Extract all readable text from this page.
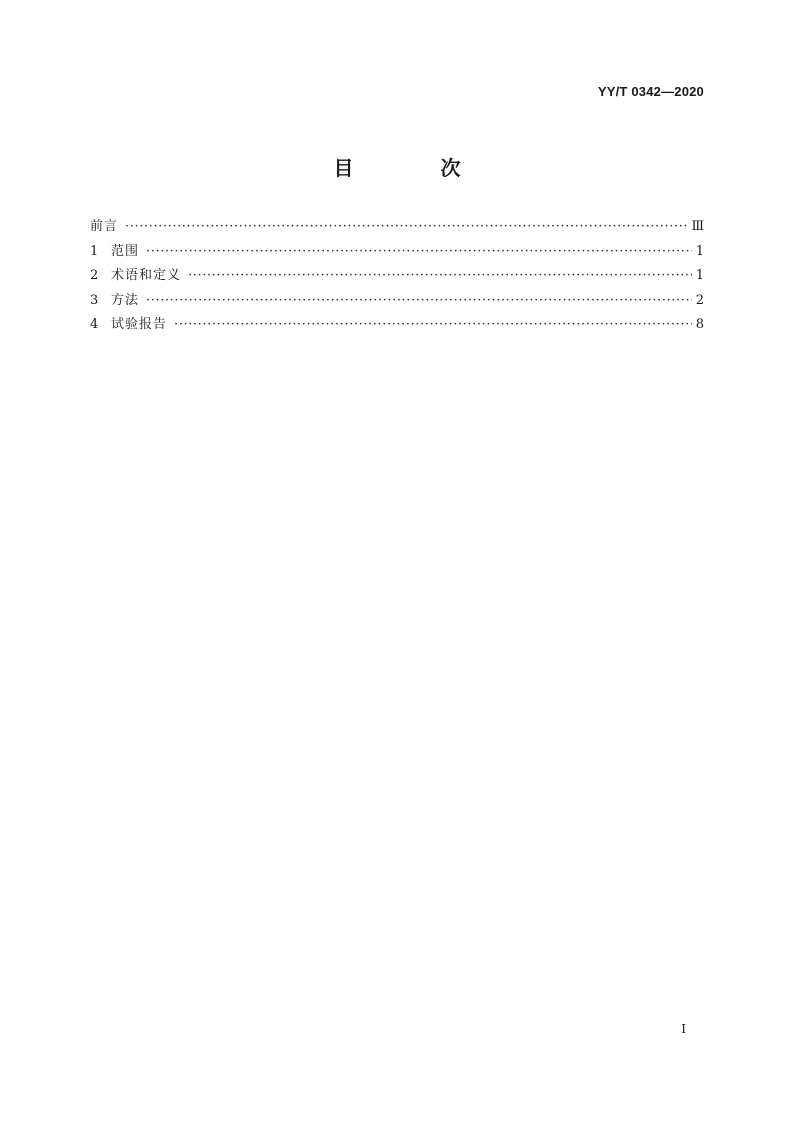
YY/T 0342—2020
目 次
前言 ·····	Ⅲ
1 范围 ·····	1
2 术语和定义 ·····	1
3 方法 ·····	2
4 试验报告 ·····	8
I
